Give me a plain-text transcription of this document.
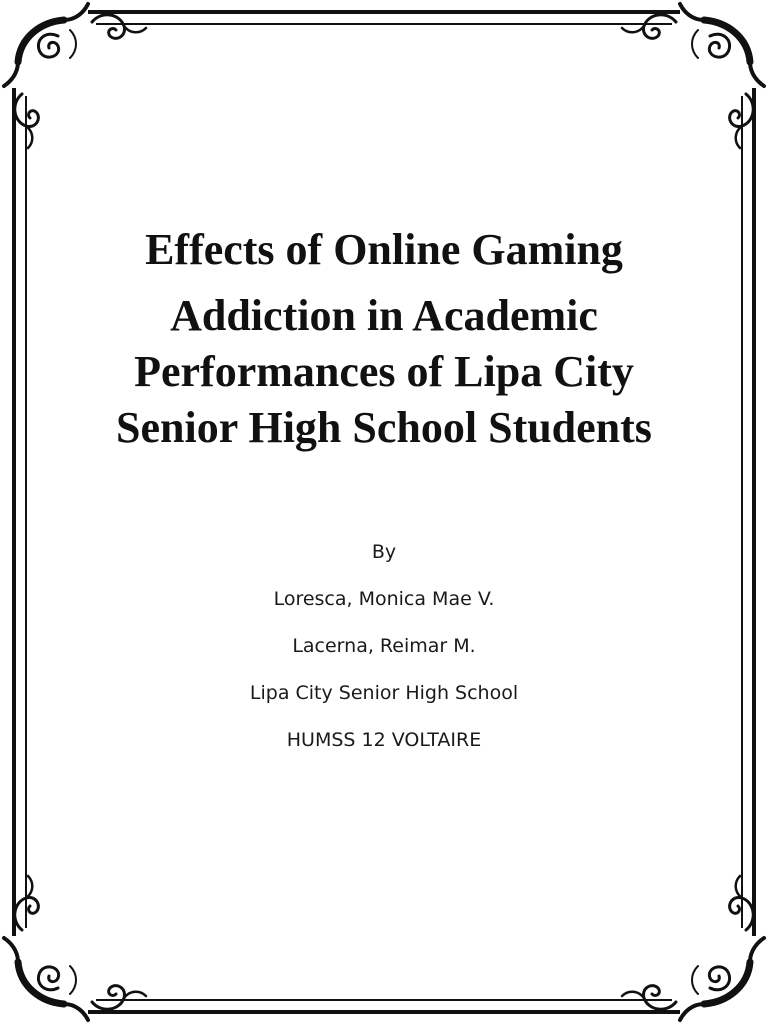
Effects of Online Gaming
Addiction in Academic
Performances of Lipa City
Senior High School Students
By
Loresca, Monica Mae V.
Lacerna, Reimar M.
Lipa City Senior High School
HUMSS 12 VOLTAIRE
